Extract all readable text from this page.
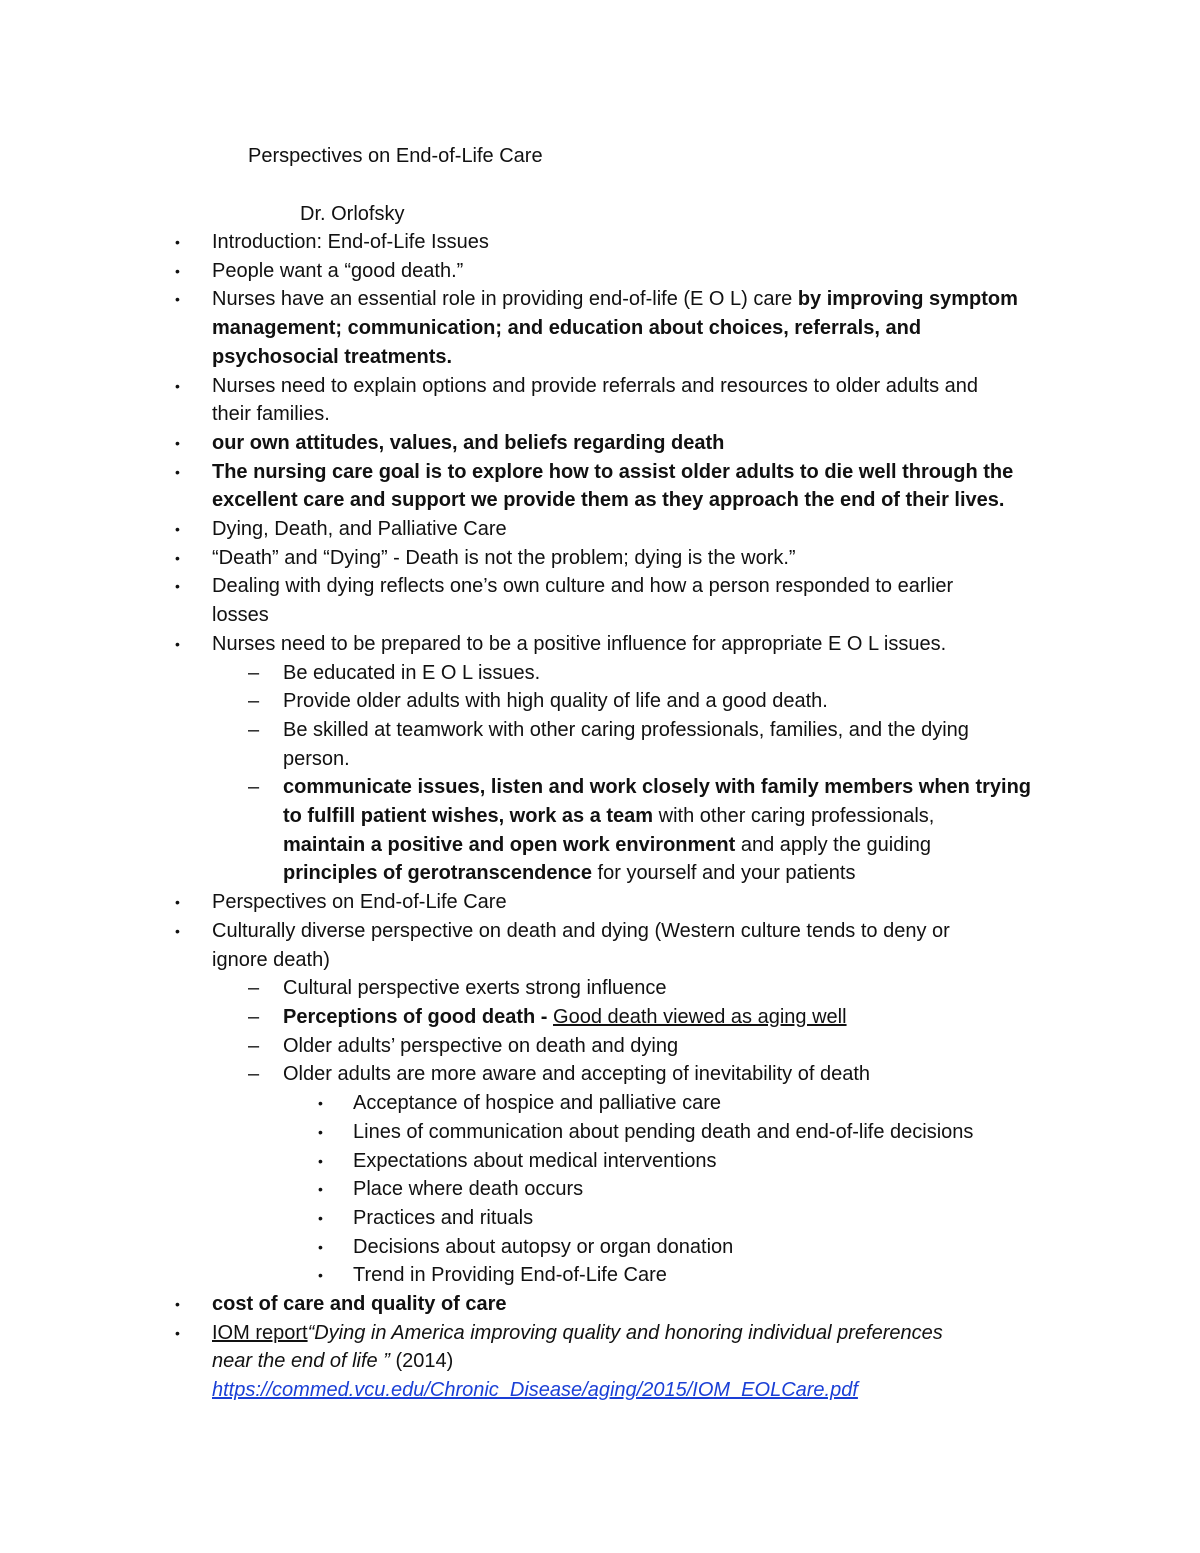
Perspectives on End-of-Life Care
Dr. Orlofsky
• Introduction: End-of-Life Issues
• People want a “good death.”
• Nurses have an essential role in providing end-of-life (E O L) care by improving symptom
management; communication; and education about choices, referrals, and
psychosocial treatments.
• Nurses need to explain options and provide referrals and resources to older adults and
their families.
• our own attitudes, values, and beliefs regarding death
• The nursing care goal is to explore how to assist older adults to die well through the
excellent care and support we provide them as they approach the end of their lives.
• Dying, Death, and Palliative Care
• “Death” and “Dying” - Death is not the problem; dying is the work.”
• Dealing with dying reflects one’s own culture and how a person responded to earlier
losses
• Nurses need to be prepared to be a positive influence for appropriate E O L issues.
– Be educated in E O L issues.
– Provide older adults with high quality of life and a good death.
– Be skilled at teamwork with other caring professionals, families, and the dying
person.
– communicate issues, listen and work closely with family members when trying
to fulfill patient wishes, work as a team with other caring professionals,
maintain a positive and open work environment and apply the guiding
principles of gerotranscendence for yourself and your patients
• Perspectives on End-of-Life Care
• Culturally diverse perspective on death and dying (Western culture tends to deny or
ignore death)
– Cultural perspective exerts strong influence
– Perceptions of good death - Good death viewed as aging well
– Older adults’ perspective on death and dying
– Older adults are more aware and accepting of inevitability of death
• Acceptance of hospice and palliative care
• Lines of communication about pending death and end-of-life decisions
• Expectations about medical interventions
• Place where death occurs
• Practices and rituals
• Decisions about autopsy or organ donation
• Trend in Providing End-of-Life Care
• cost of care and quality of care
• IOM report“Dying in America improving quality and honoring individual preferences
near the end of life ” (2014)
https://commed.vcu.edu/Chronic_Disease/aging/2015/IOM_EOLCare.pdf
